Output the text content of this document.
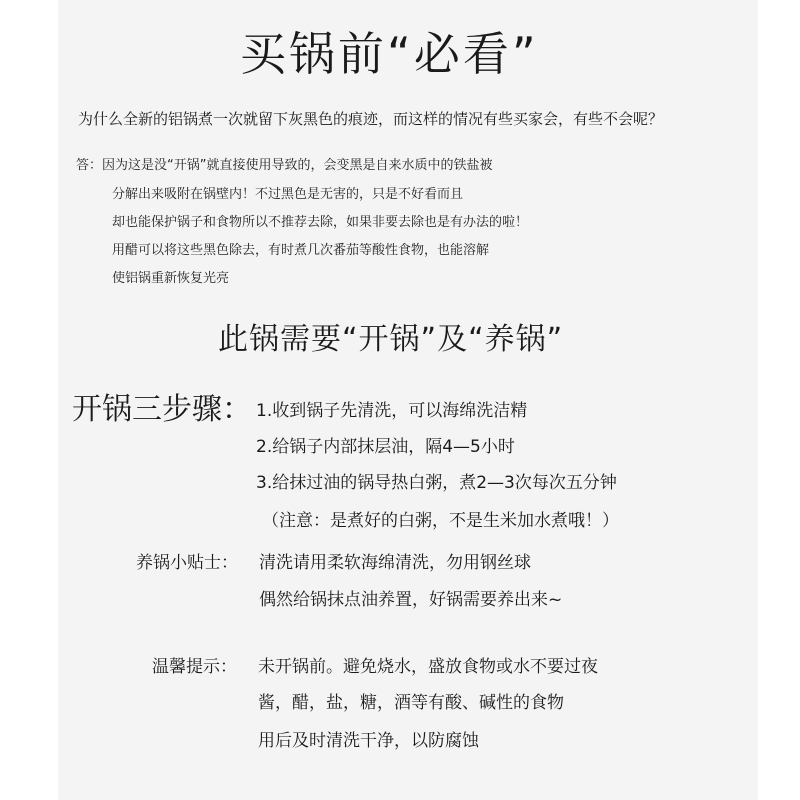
买锅前“必看”
为什么全新的铝锅煮一次就留下灰黑色的痕迹，而这样的情况有些买家会，有些不会呢？
答：因为这是没“开锅”就直接使用导致的，会变黑是自来水质中的铁盐被
分解出来吸附在锅壁内！不过黑色是无害的，只是不好看而且
却也能保护锅子和食物所以不推荐去除，如果非要去除也是有办法的啦！
用醋可以将这些黑色除去，有时煮几次番茄等酸性食物，也能溶解
使铝锅重新恢复光亮
此锅需要“开锅”及“养锅”
开锅三步骤： 1.收到锅子先清洗，可以海绵洗洁精
2.给锅子内部抹层油，隔4—5小时
3.给抹过油的锅导热白粥，煮2—3次每次五分钟
（注意：是煮好的白粥，不是生米加水煮哦！）
养锅小贴士： 清洗请用柔软海绵清洗，勿用钢丝球
偶然给锅抹点油养置，好锅需要养出来~
温馨提示： 未开锅前。避免烧水，盛放食物或水不要过夜
酱，醋，盐，糖，酒等有酸、碱性的食物
用后及时清洗干净，以防腐蚀
